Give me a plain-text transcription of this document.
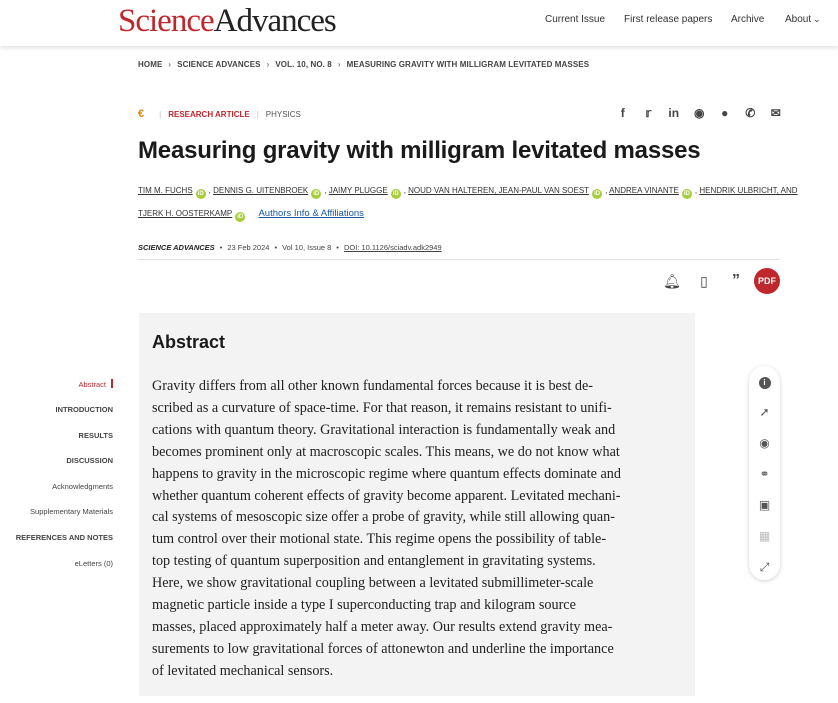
ScienceAdvances	Current Issue First release papers Archive About ⌄
HOME › SCIENCE ADVANCES › VOL. 10, NO. 8 › MEASURING GRAVITY WITH MILLIGRAM LEVITATED MASSES
€ | RESEARCH ARTICLE | PHYSICS	f	𝕣	in	◉	●	✆	✉
Measuring gravity with milligram levitated masses
TIM M. FUCHS iD , DENNIS G. UITENBROEK iD , JAIMY PLUGGE iD , NOUD VAN HALTEREN, JEAN-PAUL VAN SOEST iD , ANDREA VINANTE iD , HENDRIK ULBRICHT, AND
TJERK H. OOSTERKAMP iD Authors Info & Affiliations
SCIENCE ADVANCES • 23 Feb 2024 • Vol 10, Issue 8 • DOI: 10.1126/sciadv.adk2949
🔔︎	▯	”	PDF
Abstract
INTRODUCTION
RESULTS
DISCUSSION
Acknowledgments
Supplementary Materials
REFERENCES AND NOTES
eLetters (0)
Abstract
Gravity differs from all other known fundamental forces because it is best de-
scribed as a curvature of space-time. For that reason, it remains resistant to unifi-
cations with quantum theory. Gravitational interaction is fundamentally weak and
becomes prominent only at macroscopic scales. This means, we do not know what
happens to gravity in the microscopic regime where quantum effects dominate and
whether quantum coherent effects of gravity become apparent. Levitated mechani-
cal systems of mesoscopic size offer a probe of gravity, while still allowing quan-
tum control over their motional state. This regime opens the possibility of table-
top testing of quantum superposition and entanglement in gravitating systems.
Here, we show gravitational coupling between a levitated submillimeter-scale
magnetic particle inside a type I superconducting trap and kilogram source
masses, placed approximately half a meter away. Our results extend gravity mea-
surements to low gravitational forces of attonewton and underline the importance
of levitated mechanical sensors.
i
➚
◉
⚭
▣
▦
⤢
